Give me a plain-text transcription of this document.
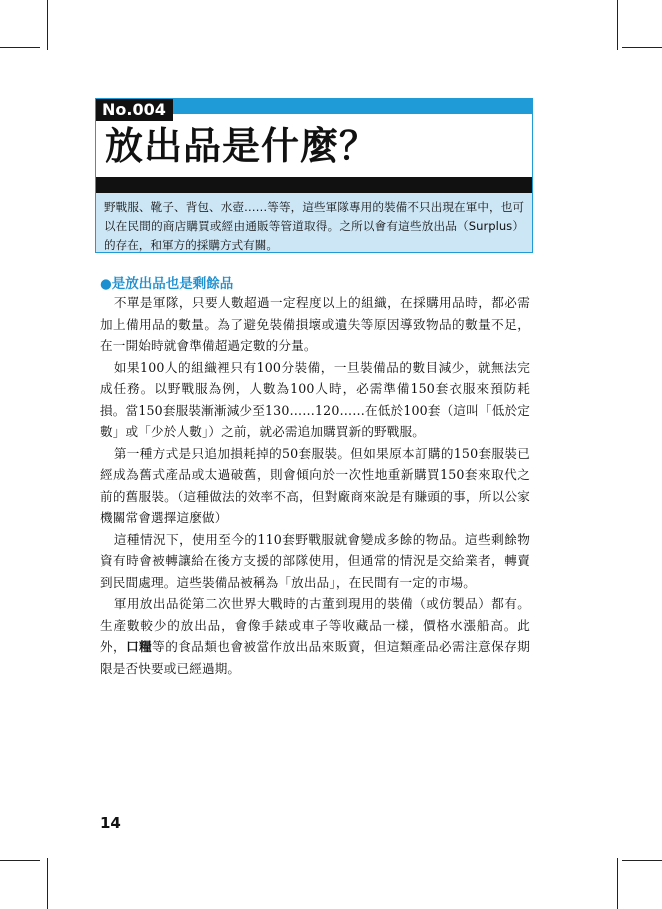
No.004
放出品是什麼？
野戰服、靴子、背包、水壺……等等，這些軍隊專用的裝備不只出現在軍中，也可以在民間的商店購買或經由通販等管道取得。之所以會有這些放出品（Surplus）的存在，和軍方的採購方式有關。
●是放出品也是剩餘品

不單是軍隊，只要人數超過一定程度以上的組織，在採購用品時，都必需加上備用品的數量。為了避免裝備損壞或遺失等原因導致物品的數量不足，在一開始時就會準備超過定數的分量。

如果100人的組織裡只有100分裝備，一旦裝備品的數目減少，就無法完成任務。以野戰服為例，人數為100人時，必需準備150套衣服來預防耗損。當150套服裝漸漸減少至130……120……在低於100套（這叫「低於定數」或「少於人數」）之前，就必需追加購買新的野戰服。

第一種方式是只追加損耗掉的50套服裝。但如果原本訂購的150套服裝已經成為舊式產品或太過破舊，則會傾向於一次性地重新購買150套來取代之前的舊服裝。（這種做法的效率不高，但對廠商來說是有賺頭的事，所以公家機關常會選擇這麼做）

這種情況下，使用至今的110套野戰服就會變成多餘的物品。這些剩餘物資有時會被轉讓給在後方支援的部隊使用，但通常的情況是交給業者，轉賣到民間處理。這些裝備品被稱為「放出品」，在民間有一定的市場。

軍用放出品從第二次世界大戰時的古董到現用的裝備（或仿製品）都有。生產數較少的放出品，會像手錶或車子等收藏品一樣，價格水漲船高。此外，口糧等的食品類也會被當作放出品來販賣，但這類產品必需注意保存期限是否快要或已經過期。

14
